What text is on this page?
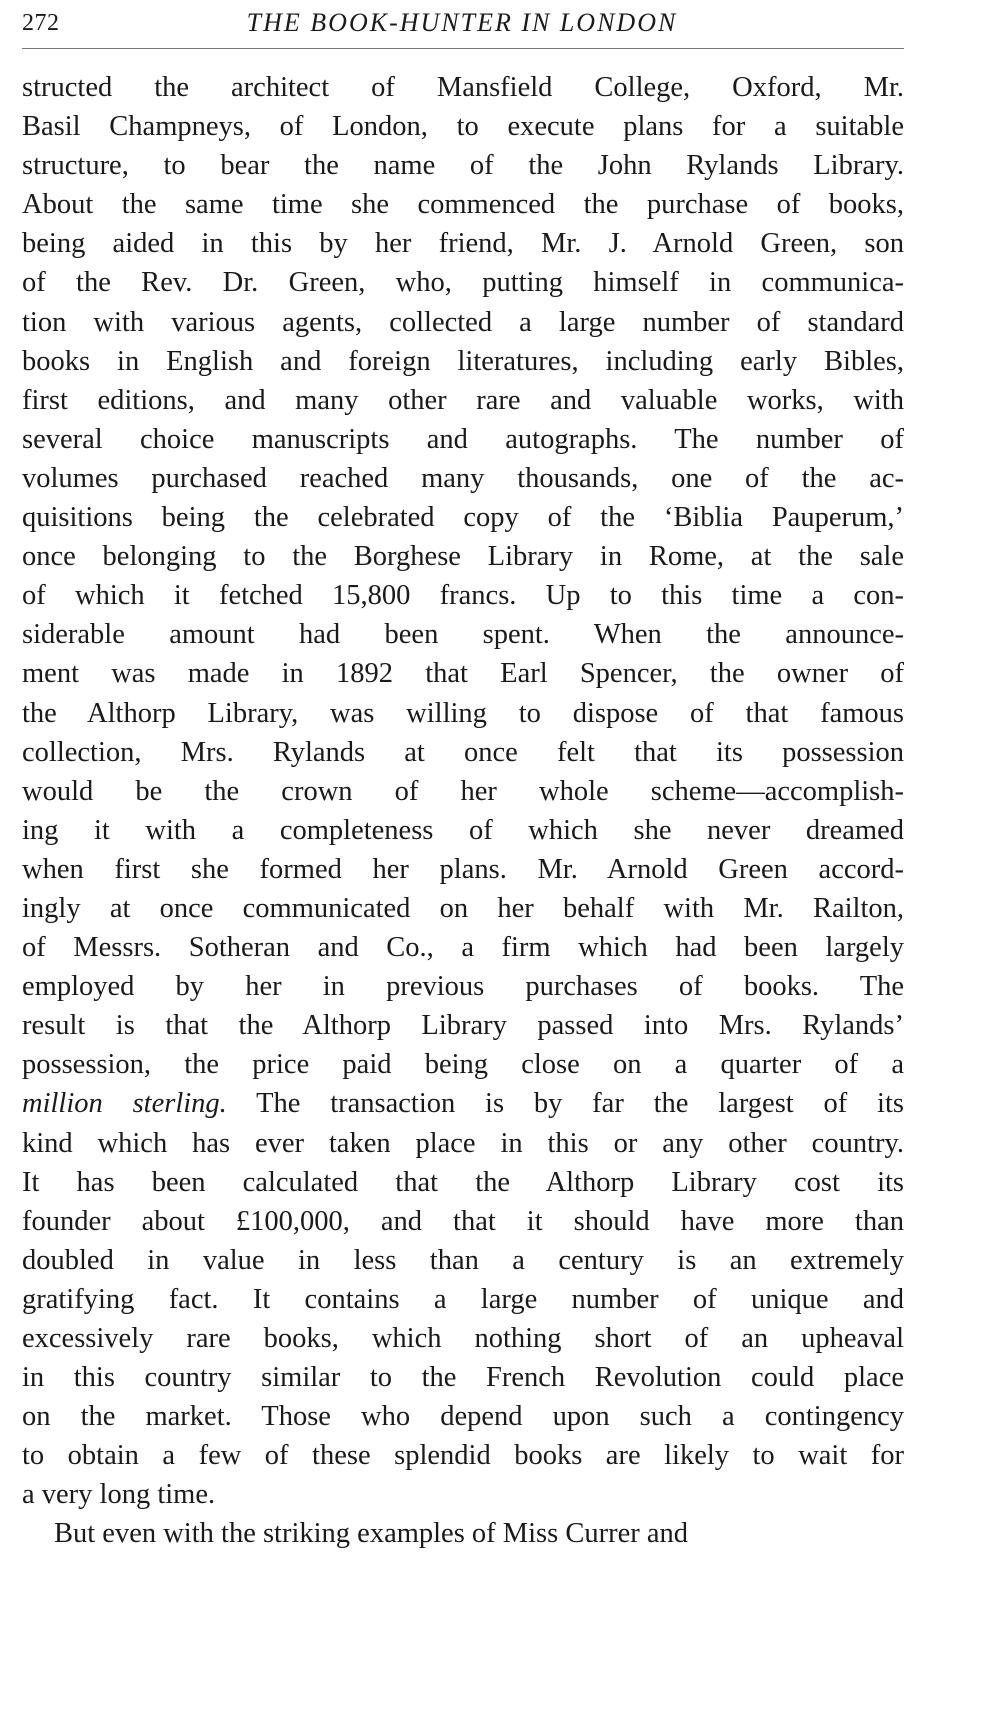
272	THE BOOK-HUNTER IN LONDON
structed the architect of Mansfield College, Oxford, Mr.
Basil Champneys, of London, to execute plans for a suitable
structure, to bear the name of the John Rylands Library.
About the same time she commenced the purchase of books,
being aided in this by her friend, Mr. J. Arnold Green, son
of the Rev. Dr. Green, who, putting himself in communica-
tion with various agents, collected a large number of standard
books in English and foreign literatures, including early Bibles,
first editions, and many other rare and valuable works, with
several choice manuscripts and autographs. The number of
volumes purchased reached many thousands, one of the ac-
quisitions being the celebrated copy of the ‘Biblia Pauperum,’
once belonging to the Borghese Library in Rome, at the sale
of which it fetched 15,800 francs. Up to this time a con-
siderable amount had been spent. When the announce-
ment was made in 1892 that Earl Spencer, the owner of
the Althorp Library, was willing to dispose of that famous
collection, Mrs. Rylands at once felt that its possession
would be the crown of her whole scheme—accomplish-
ing it with a completeness of which she never dreamed
when first she formed her plans. Mr. Arnold Green accord-
ingly at once communicated on her behalf with Mr. Railton,
of Messrs. Sotheran and Co., a firm which had been largely
employed by her in previous purchases of books. The
result is that the Althorp Library passed into Mrs. Rylands’
possession, the price paid being close on a quarter of a
million sterling. The transaction is by far the largest of its
kind which has ever taken place in this or any other country.
It has been calculated that the Althorp Library cost its
founder about £100,000, and that it should have more than
doubled in value in less than a century is an extremely
gratifying fact. It contains a large number of unique and
excessively rare books, which nothing short of an upheaval
in this country similar to the French Revolution could place
on the market. Those who depend upon such a contingency
to obtain a few of these splendid books are likely to wait for
a very long time.
But even with the striking examples of Miss Currer and
